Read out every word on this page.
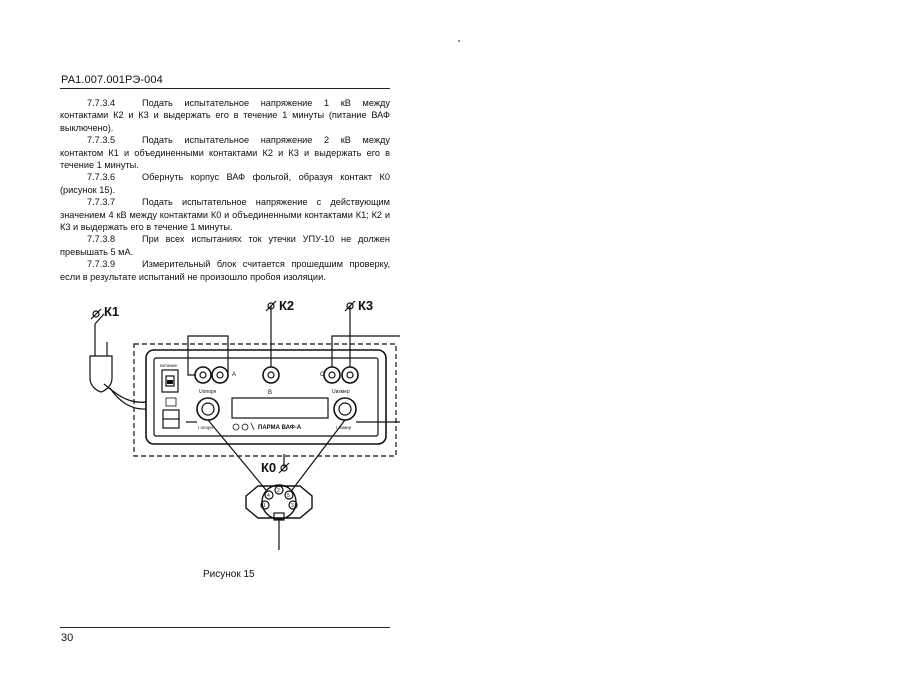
РА1.007.001РЭ-004

7.7.3.4	Подать испытательное напряжение 1 кВ между контактами К2 и К3 и выдержать его в течение 1 минуты (питание ВАФ выключено).

7.7.3.5	Подать испытательное напряжение 2 кВ между контактом К1 и объединенными контактами К2 и К3 и выдержать его в течение 1 минуты.

7.7.3.6	Обернуть корпус ВАФ фольгой, образуя контакт К0 (рисунок 15).

7.7.3.7	Подать испытательное напряжение с действующим значением 4 кВ между контактами К0 и объединенными контактами К1; К2 и К3 и выдержать его в течение 1 минуты.

7.7.3.8	При всех испытаниях ток утечки УПУ-10 не должен превышать 5 мА.

7.7.3.9	Измерительный блок считается прошедшим проверку, если в результате испытаний не произошло пробоя изоляции.

К1	К2	К3
К0
питание
A
B
C
Uопорн	Uизмер
I опорн	I измер
ПАРМА ВАФ-А
1
2
3
4	5
Рисунок 15
30
